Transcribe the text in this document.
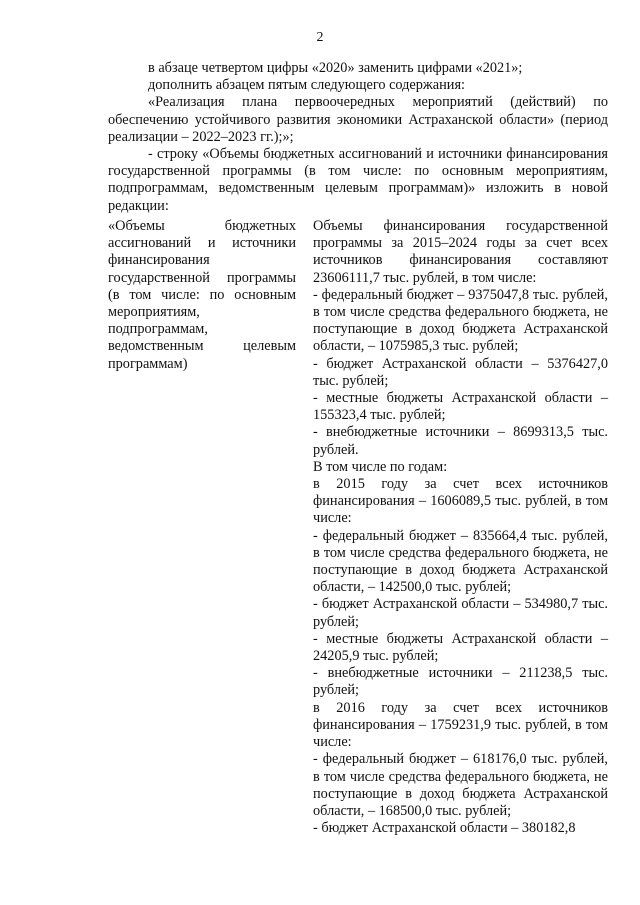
2

в абзаце четвертом цифры «2020» заменить цифрами «2021»;

дополнить абзацем пятым следующего содержания:

«Реализация плана первоочередных мероприятий (действий) по обеспечению устойчивого развития экономики Астраханской области» (период реализации – 2022–2023 гг.);»;

- строку «Объемы бюджетных ассигнований и источники финансирования государственной программы (в том числе: по основным мероприятиям, подпрограммам, ведомственным целевым программам)» изложить в новой редакции:

«Объемы бюджетных ассигнований и источники финансирования государственной программы (в том числе: по основным мероприятиям, подпрограммам, ведомственным целевым программам)

Объемы финансирования государственной программы за 2015–2024 годы за счет всех источников финансирования составляют 23606111,7 тыс. рублей, в том числе:

- федеральный бюджет – 9375047,8 тыс. рублей, в том числе средства федерального бюджета, не поступающие в доход бюджета Астраханской области, – 1075985,3 тыс. рублей;

- бюджет Астраханской области – 5376427,0 тыс. рублей;

- местные бюджеты Астраханской области – 155323,4 тыс. рублей;

- внебюджетные источники – 8699313,5 тыс. рублей.

В том числе по годам:

в 2015 году за счет всех источников финансирования – 1606089,5 тыс. рублей, в том числе:

- федеральный бюджет – 835664,4 тыс. рублей, в том числе средства федерального бюджета, не поступающие в доход бюджета Астраханской области, – 142500,0 тыс. рублей;

- бюджет Астраханской области – 534980,7 тыс. рублей;

- местные бюджеты Астраханской области – 24205,9 тыс. рублей;

- внебюджетные источники – 211238,5 тыс. рублей;

в 2016 году за счет всех источников финансирования – 1759231,9 тыс. рублей, в том числе:

- федеральный бюджет – 618176,0 тыс. рублей, в том числе средства федерального бюджета, не поступающие в доход бюджета Астраханской области, – 168500,0 тыс. рублей;

- бюджет Астраханской области – 380182,8
